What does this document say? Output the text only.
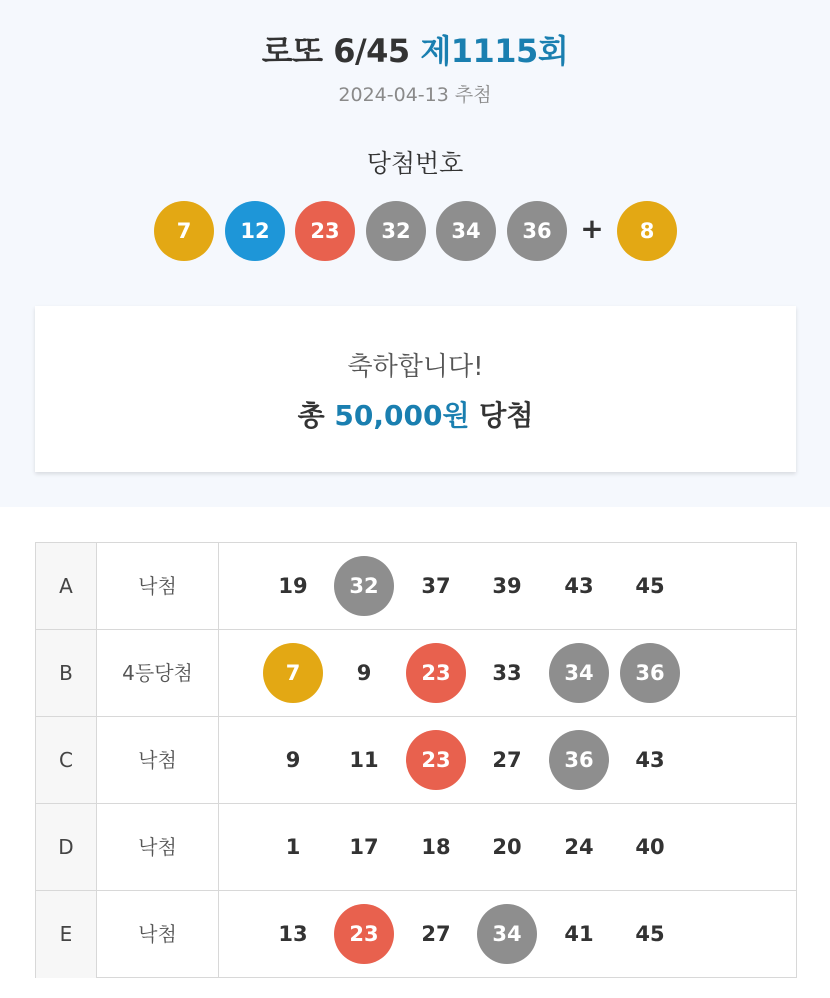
로또 6/45 제1115회
2024-04-13 추첨
당첨번호
7	12	23	32	34	36	+	8
축하합니다!
총 50,000원 당첨
A	낙첨	19	32	37	39	43	45
B	4등당첨	7	9	23	33	34	36
C	낙첨	9	11	23	27	36	43
D	낙첨	1	17	18	20	24	40
E	낙첨	13	23	27	34	41	45
